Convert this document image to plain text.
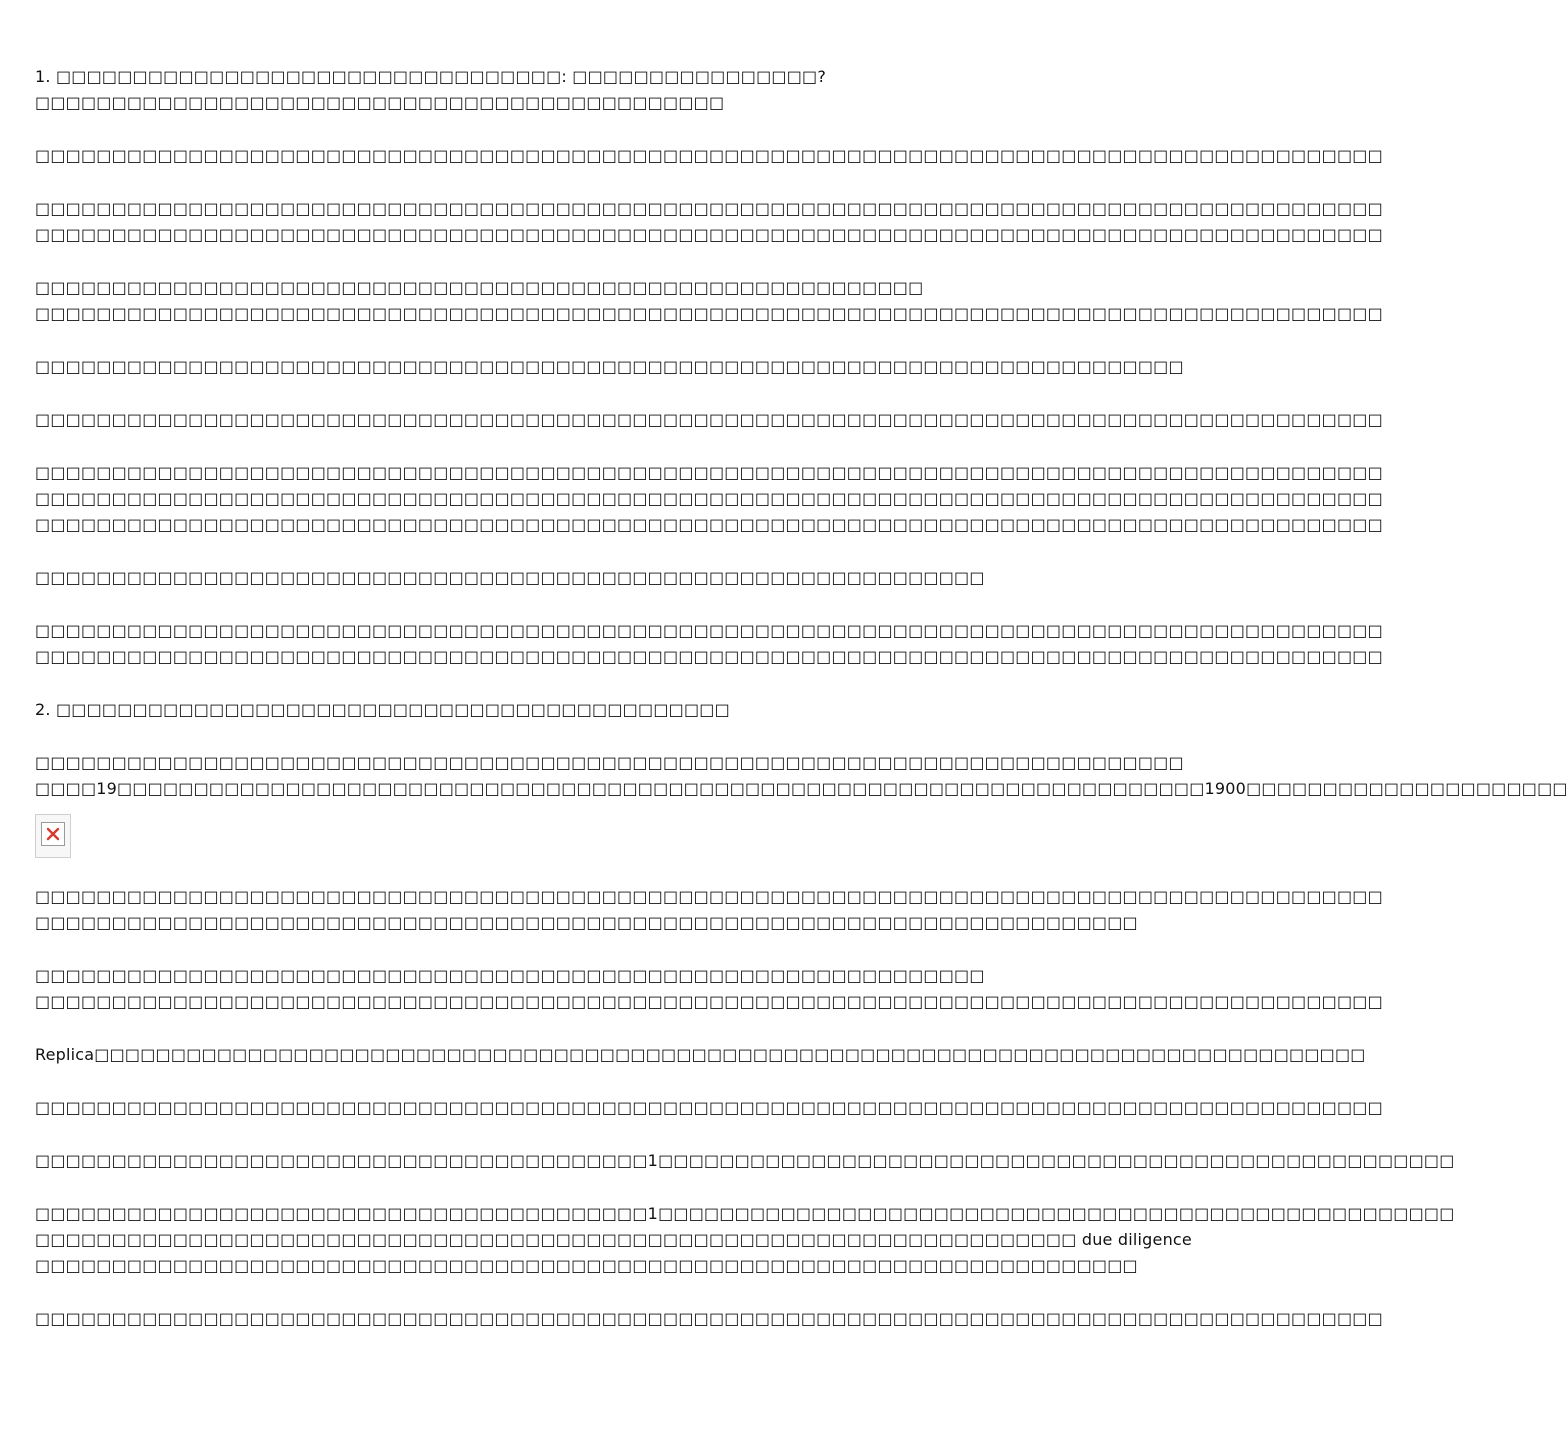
1. □□□□□□□□□□□□□□□□□□□□□□□□□□□□□□□□□: □□□□□□□□□□□□□□□□?
□□□□□□□□□□□□□□□□□□□□□□□□□□□□□□□□□□□□□□□□□□□□□
□□□□□□□□□□□□□□□□□□□□□□□□□□□□□□□□□□□□□□□□□□□□□□□□□□□□□□□□□□□□□□□□□□□□□□□□□□□□□□□□□□□□□□□□
□□□□□□□□□□□□□□□□□□□□□□□□□□□□□□□□□□□□□□□□□□□□□□□□□□□□□□□□□□□□□□□□□□□□□□□□□□□□□□□□□□□□□□□□
□□□□□□□□□□□□□□□□□□□□□□□□□□□□□□□□□□□□□□□□□□□□□□□□□□□□□□□□□□□□□□□□□□□□□□□□□□□□□□□□□□□□□□□□
□□□□□□□□□□□□□□□□□□□□□□□□□□□□□□□□□□□□□□□□□□□□□□□□□□□□□□□□□□
□□□□□□□□□□□□□□□□□□□□□□□□□□□□□□□□□□□□□□□□□□□□□□□□□□□□□□□□□□□□□□□□□□□□□□□□□□□□□□□□□□□□□□□□
□□□□□□□□□□□□□□□□□□□□□□□□□□□□□□□□□□□□□□□□□□□□□□□□□□□□□□□□□□□□□□□□□□□□□□□□□□□
□□□□□□□□□□□□□□□□□□□□□□□□□□□□□□□□□□□□□□□□□□□□□□□□□□□□□□□□□□□□□□□□□□□□□□□□□□□□□□□□□□□□□□□□
□□□□□□□□□□□□□□□□□□□□□□□□□□□□□□□□□□□□□□□□□□□□□□□□□□□□□□□□□□□□□□□□□□□□□□□□□□□□□□□□□□□□□□□□
□□□□□□□□□□□□□□□□□□□□□□□□□□□□□□□□□□□□□□□□□□□□□□□□□□□□□□□□□□□□□□□□□□□□□□□□□□□□□□□□□□□□□□□□
□□□□□□□□□□□□□□□□□□□□□□□□□□□□□□□□□□□□□□□□□□□□□□□□□□□□□□□□□□□□□□□□□□□□□□□□□□□□□□□□□□□□□□□□
□□□□□□□□□□□□□□□□□□□□□□□□□□□□□□□□□□□□□□□□□□□□□□□□□□□□□□□□□□□□□□
□□□□□□□□□□□□□□□□□□□□□□□□□□□□□□□□□□□□□□□□□□□□□□□□□□□□□□□□□□□□□□□□□□□□□□□□□□□□□□□□□□□□□□□□
□□□□□□□□□□□□□□□□□□□□□□□□□□□□□□□□□□□□□□□□□□□□□□□□□□□□□□□□□□□□□□□□□□□□□□□□□□□□□□□□□□□□□□□□
2. □□□□□□□□□□□□□□□□□□□□□□□□□□□□□□□□□□□□□□□□□□□□
□□□□□□□□□□□□□□□□□□□□□□□□□□□□□□□□□□□□□□□□□□□□□□□□□□□□□□□□□□□□□□□□□□□□□□□□□□□
□□□□19□□□□□□□□□□□□□□□□□□□□□□□□□□□□□□□□□□□□□□□□□□□□□□□□□□□□□□□□□□□□□□□□□□□□□□□1900□□□□□□□□□□□□□□□□□□□□□
□□□□□□□□□□□□□□□□□□□□□□□□□□□□□□□□□□□□□□□□□□□□□□□□□□□□□□□□□□□□□□□□□□□□□□□□□□□□□□□□□□□□□□□□
□□□□□□□□□□□□□□□□□□□□□□□□□□□□□□□□□□□□□□□□□□□□□□□□□□□□□□□□□□□□□□□□□□□□□□□□
□□□□□□□□□□□□□□□□□□□□□□□□□□□□□□□□□□□□□□□□□□□□□□□□□□□□□□□□□□□□□□
□□□□□□□□□□□□□□□□□□□□□□□□□□□□□□□□□□□□□□□□□□□□□□□□□□□□□□□□□□□□□□□□□□□□□□□□□□□□□□□□□□□□□□□□
Replica□□□□□□□□□□□□□□□□□□□□□□□□□□□□□□□□□□□□□□□□□□□□□□□□□□□□□□□□□□□□□□□□□□□□□□□□□□□□□□□□□□□
□□□□□□□□□□□□□□□□□□□□□□□□□□□□□□□□□□□□□□□□□□□□□□□□□□□□□□□□□□□□□□□□□□□□□□□□□□□□□□□□□□□□□□□□
□□□□□□□□□□□□□□□□□□□□□□□□□□□□□□□□□□□□□□□□1□□□□□□□□□□□□□□□□□□□□□□□□□□□□□□□□□□□□□□□□□□□□□□□□□□□□
□□□□□□□□□□□□□□□□□□□□□□□□□□□□□□□□□□□□□□□□1□□□□□□□□□□□□□□□□□□□□□□□□□□□□□□□□□□□□□□□□□□□□□□□□□□□□
□□□□□□□□□□□□□□□□□□□□□□□□□□□□□□□□□□□□□□□□□□□□□□□□□□□□□□□□□□□□□□□□□□□□ due diligence
□□□□□□□□□□□□□□□□□□□□□□□□□□□□□□□□□□□□□□□□□□□□□□□□□□□□□□□□□□□□□□□□□□□□□□□□
□□□□□□□□□□□□□□□□□□□□□□□□□□□□□□□□□□□□□□□□□□□□□□□□□□□□□□□□□□□□□□□□□□□□□□□□□□□□□□□□□□□□□□□□
